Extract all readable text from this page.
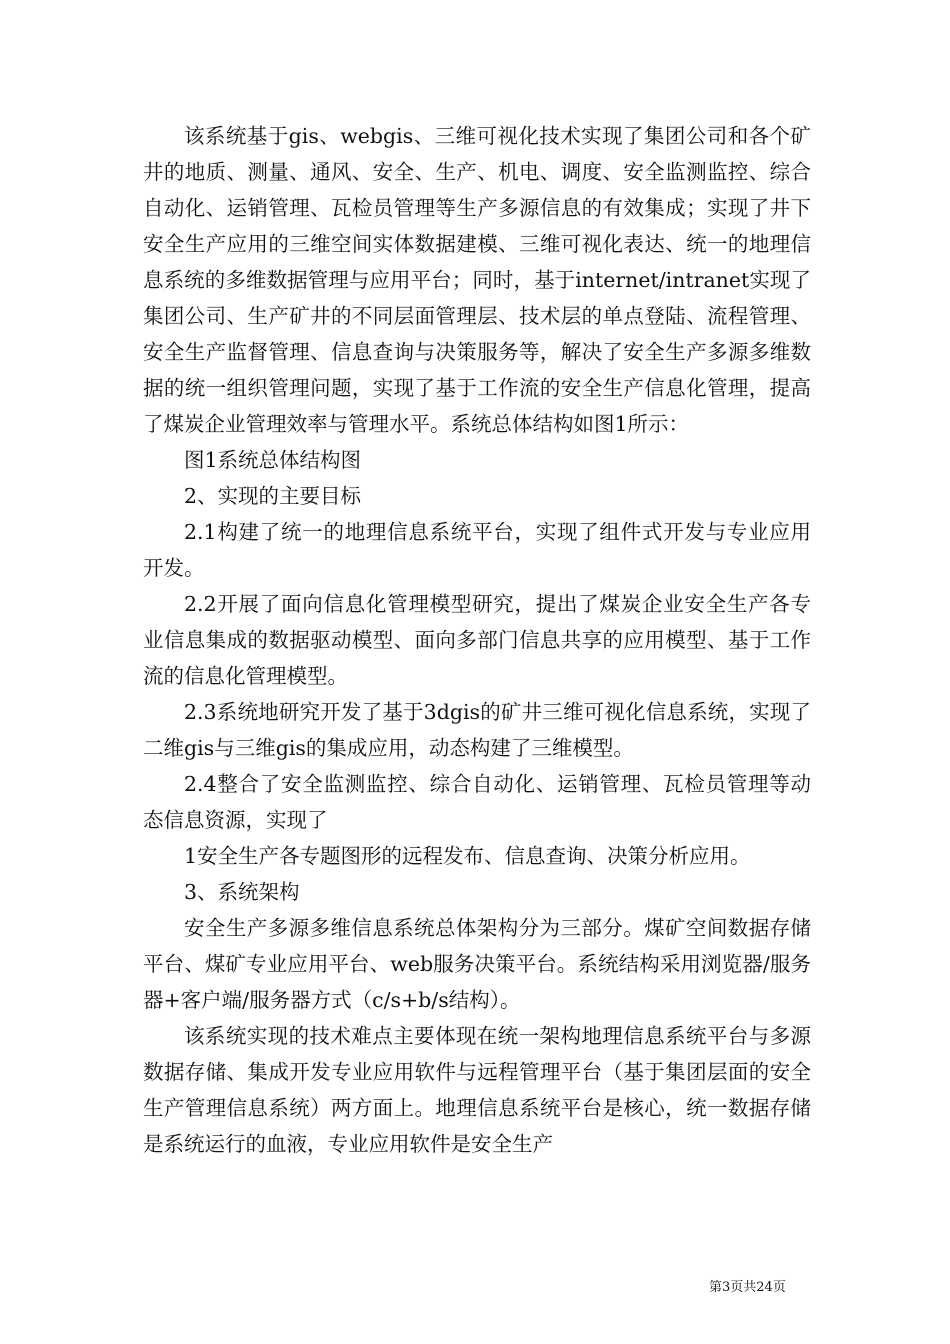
该系统基于gis、webgis、三维可视化技术实现了集团公司和各个矿井的地质、测量、通风、安全、生产、机电、调度、安全监测监控、综合自动化、运销管理、瓦检员管理等生产多源信息的有效集成；实现了井下安全生产应用的三维空间实体数据建模、三维可视化表达、统一的地理信息系统的多维数据管理与应用平台；同时，基于internet/intranet实现了集团公司、生产矿井的不同层面管理层、技术层的单点登陆、流程管理、安全生产监督管理、信息查询与决策服务等，解决了安全生产多源多维数据的统一组织管理问题，实现了基于工作流的安全生产信息化管理，提高了煤炭企业管理效率与管理水平。系统总体结构如图1所示：

图1系统总体结构图

2、实现的主要目标

2.1构建了统一的地理信息系统平台，实现了组件式开发与专业应用开发。

2.2开展了面向信息化管理模型研究，提出了煤炭企业安全生产各专业信息集成的数据驱动模型、面向多部门信息共享的应用模型、基于工作流的信息化管理模型。

2.3系统地研究开发了基于3dgis的矿井三维可视化信息系统，实现了二维gis与三维gis的集成应用，动态构建了三维模型。

2.4整合了安全监测监控、综合自动化、运销管理、瓦检员管理等动态信息资源，实现了

1安全生产各专题图形的远程发布、信息查询、决策分析应用。

3、系统架构

安全生产多源多维信息系统总体架构分为三部分。煤矿空间数据存储平台、煤矿专业应用平台、web服务决策平台。系统结构采用浏览器/服务器+客户端/服务器方式（c/s+b/s结构）。

该系统实现的技术难点主要体现在统一架构地理信息系统平台与多源数据存储、集成开发专业应用软件与远程管理平台（基于集团层面的安全生产管理信息系统）两方面上。地理信息系统平台是核心，统一数据存储是系统运行的血液，专业应用软件是安全生产

第3页共24页
